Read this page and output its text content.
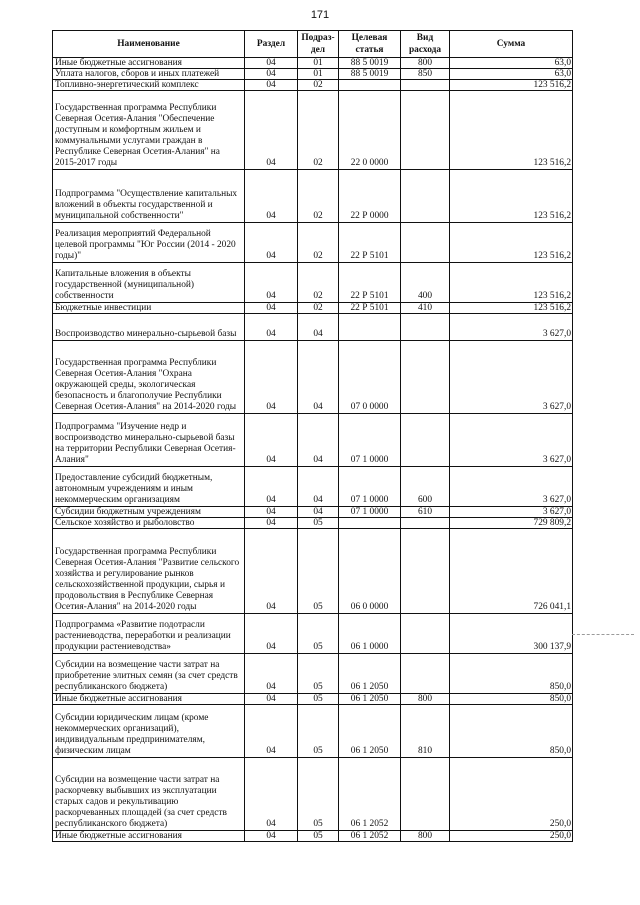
171
Наименование	Раздел	Подраз-дел	Целевая статья	Вид расхода	Сумма
Иные бюджетные ассигнования	04	01	88 5 0019	800	63,0
Уплата налогов, сборов и иных платежей	04	01	88 5 0019	850	63,0
Топливно-энергетический комплекс	04	02			123 516,2
Государственная программа Республики Северная Осетия-Алания "Обеспечение доступным и комфортным жильем и коммунальными услугами граждан в Республике Северная Осетия-Алания" на 2015-2017 годы	04	02	22 0 0000		123 516,2
Подпрограмма "Осуществление капитальных вложений в объекты государственной и муниципальной собственности"	04	02	22 Р 0000		123 516,2
Реализация мероприятий Федеральной целевой программы "Юг России (2014 - 2020 годы)"	04	02	22 Р 5101		123 516,2
Капитальные вложения в объекты государственной (муниципальной) собственности	04	02	22 Р 5101	400	123 516,2
Бюджетные инвестиции	04	02	22 Р 5101	410	123 516,2
Воспроизводство минерально-сырьевой базы	04	04			3 627,0
Государственная программа Республики Северная Осетия-Алания "Охрана окружающей среды, экологическая безопасность и благополучие Республики Северная Осетия-Алания" на 2014-2020 годы	04	04	07 0 0000		3 627,0
Подпрограмма "Изучение недр и воспроизводство минерально-сырьевой базы на территории Республики Северная Осетия-Алания"	04	04	07 1 0000		3 627,0
Предоставление субсидий бюджетным, автономным учреждениям и иным некоммерческим организациям	04	04	07 1 0000	600	3 627,0
Субсидии бюджетным учреждениям	04	04	07 1 0000	610	3 627,0
Сельское хозяйство и рыболовство	04	05			729 809,2
Государственная программа Республики Северная Осетия-Алания "Развитие сельского хозяйства и регулирование рынков сельскохозяйственной продукции, сырья и продовольствия в Республике Северная Осетия-Алания" на 2014-2020 годы	04	05	06 0 0000		726 041,1
Подпрограмма «Развитие подотрасли растениеводства, переработки и реализации продукции растениеводства»	04	05	06 1 0000		300 137,9
Субсидии на возмещение части затрат на приобретение элитных семян (за счет средств республиканского бюджета)	04	05	06 1 2050		850,0
Иные бюджетные ассигнования	04	05	06 1 2050	800	850,0
Субсидии юридическим лицам (кроме некоммерческих организаций), индивидуальным предпринимателям, физическим лицам	04	05	06 1 2050	810	850,0
Субсидии на возмещение части затрат на раскорчевку выбывших из эксплуатации старых садов и рекультивацию раскорчеванных площадей (за счет средств республиканского бюджета)	04	05	06 1 2052		250,0
Иные бюджетные ассигнования	04	05	06 1 2052	800	250,0
